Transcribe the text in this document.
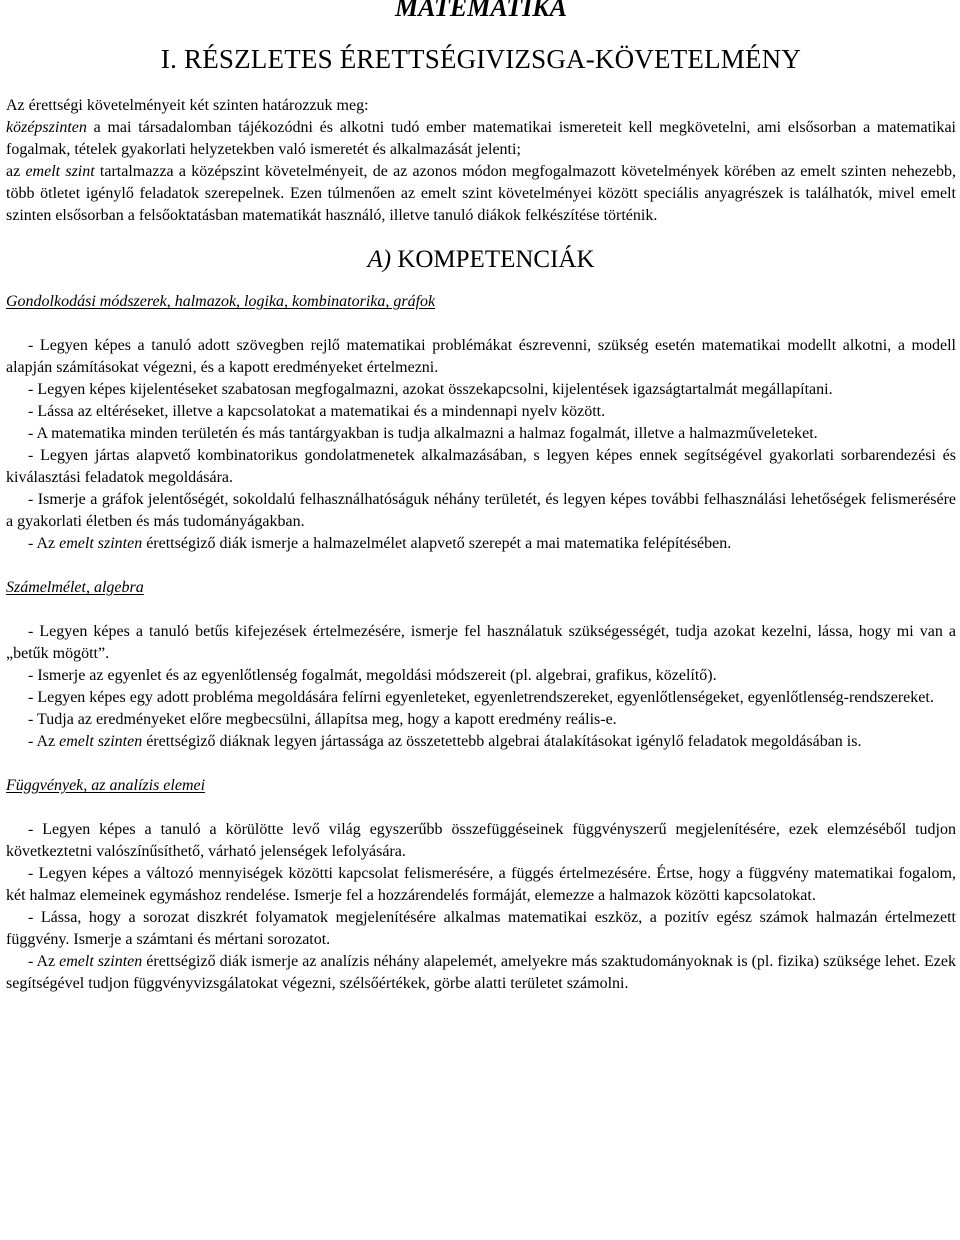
MATEMATIKA
I. RÉSZLETES ÉRETTSÉGIVIZSGA-KÖVETELMÉNY

Az érettségi követelményeit két szinten határozzuk meg:

középszinten a mai társadalomban tájékozódni és alkotni tudó ember matematikai ismereteit kell megkövetelni, ami elsősorban a matematikai fogalmak, tételek gyakorlati helyzetekben való ismeretét és alkalmazását jelenti;

az emelt szint tartalmazza a középszint követelményeit, de az azonos módon megfogalmazott követelmények körében az emelt szinten nehezebb, több ötletet igénylő feladatok szerepelnek. Ezen túlmenően az emelt szint követelményei között speciális anyagrészek is találhatók, mivel emelt szinten elsősorban a felsőoktatásban matematikát használó, illetve tanuló diákok felkészítése történik.

A) KOMPETENCIÁK
Gondolkodási módszerek, halmazok, logika, kombinatorika, gráfok

- Legyen képes a tanuló adott szövegben rejlő matematikai problémákat észrevenni, szükség esetén matematikai modellt alkotni, a modell alapján számításokat végezni, és a kapott eredményeket értelmezni.

- Legyen képes kijelentéseket szabatosan megfogalmazni, azokat összekapcsolni, kijelentések igazságtartalmát megállapítani.

- Lássa az eltéréseket, illetve a kapcsolatokat a matematikai és a mindennapi nyelv között.

- A matematika minden területén és más tantárgyakban is tudja alkalmazni a halmaz fogalmát, illetve a halmazműveleteket.

- Legyen jártas alapvető kombinatorikus gondolatmenetek alkalmazásában, s legyen képes ennek segítségével gyakorlati sorbarendezési és kiválasztási feladatok megoldására.

- Ismerje a gráfok jelentőségét, sokoldalú felhasználhatóságuk néhány területét, és legyen képes további felhasználási lehetőségek felismerésére a gyakorlati életben és más tudományágakban.

- Az emelt szinten érettségiző diák ismerje a halmazelmélet alapvető szerepét a mai matematika felépítésében.

Számelmélet, algebra

- Legyen képes a tanuló betűs kifejezések értelmezésére, ismerje fel használatuk szükségességét, tudja azokat kezelni, lássa, hogy mi van a „betűk mögött”.

- Ismerje az egyenlet és az egyenlőtlenség fogalmát, megoldási módszereit (pl. algebrai, grafikus, közelítő).

- Legyen képes egy adott probléma megoldására felírni egyenleteket, egyenletrendszereket, egyenlőtlenségeket, egyenlőtlenség-rendszereket.

- Tudja az eredményeket előre megbecsülni, állapítsa meg, hogy a kapott eredmény reális-e.

- Az emelt szinten érettségiző diáknak legyen jártassága az összetettebb algebrai átalakításokat igénylő feladatok megoldásában is.

Függvények, az analízis elemei

- Legyen képes a tanuló a körülötte levő világ egyszerűbb összefüggéseinek függvényszerű megjelenítésére, ezek elemzéséből tudjon következtetni valószínűsíthető, várható jelenségek lefolyására.

- Legyen képes a változó mennyiségek közötti kapcsolat felismerésére, a függés értelmezésére. Értse, hogy a függvény matematikai fogalom, két halmaz elemeinek egymáshoz rendelése. Ismerje fel a hozzárendelés formáját, elemezze a halmazok közötti kapcsolatokat.

- Lássa, hogy a sorozat diszkrét folyamatok megjelenítésére alkalmas matematikai eszköz, a pozitív egész számok halmazán értelmezett függvény. Ismerje a számtani és mértani sorozatot.

- Az emelt szinten érettségiző diák ismerje az analízis néhány alapelemét, amelyekre más szaktudományoknak is (pl. fizika) szüksége lehet. Ezek segítségével tudjon függvényvizsgálatokat végezni, szélsőértékek, görbe alatti területet számolni.
